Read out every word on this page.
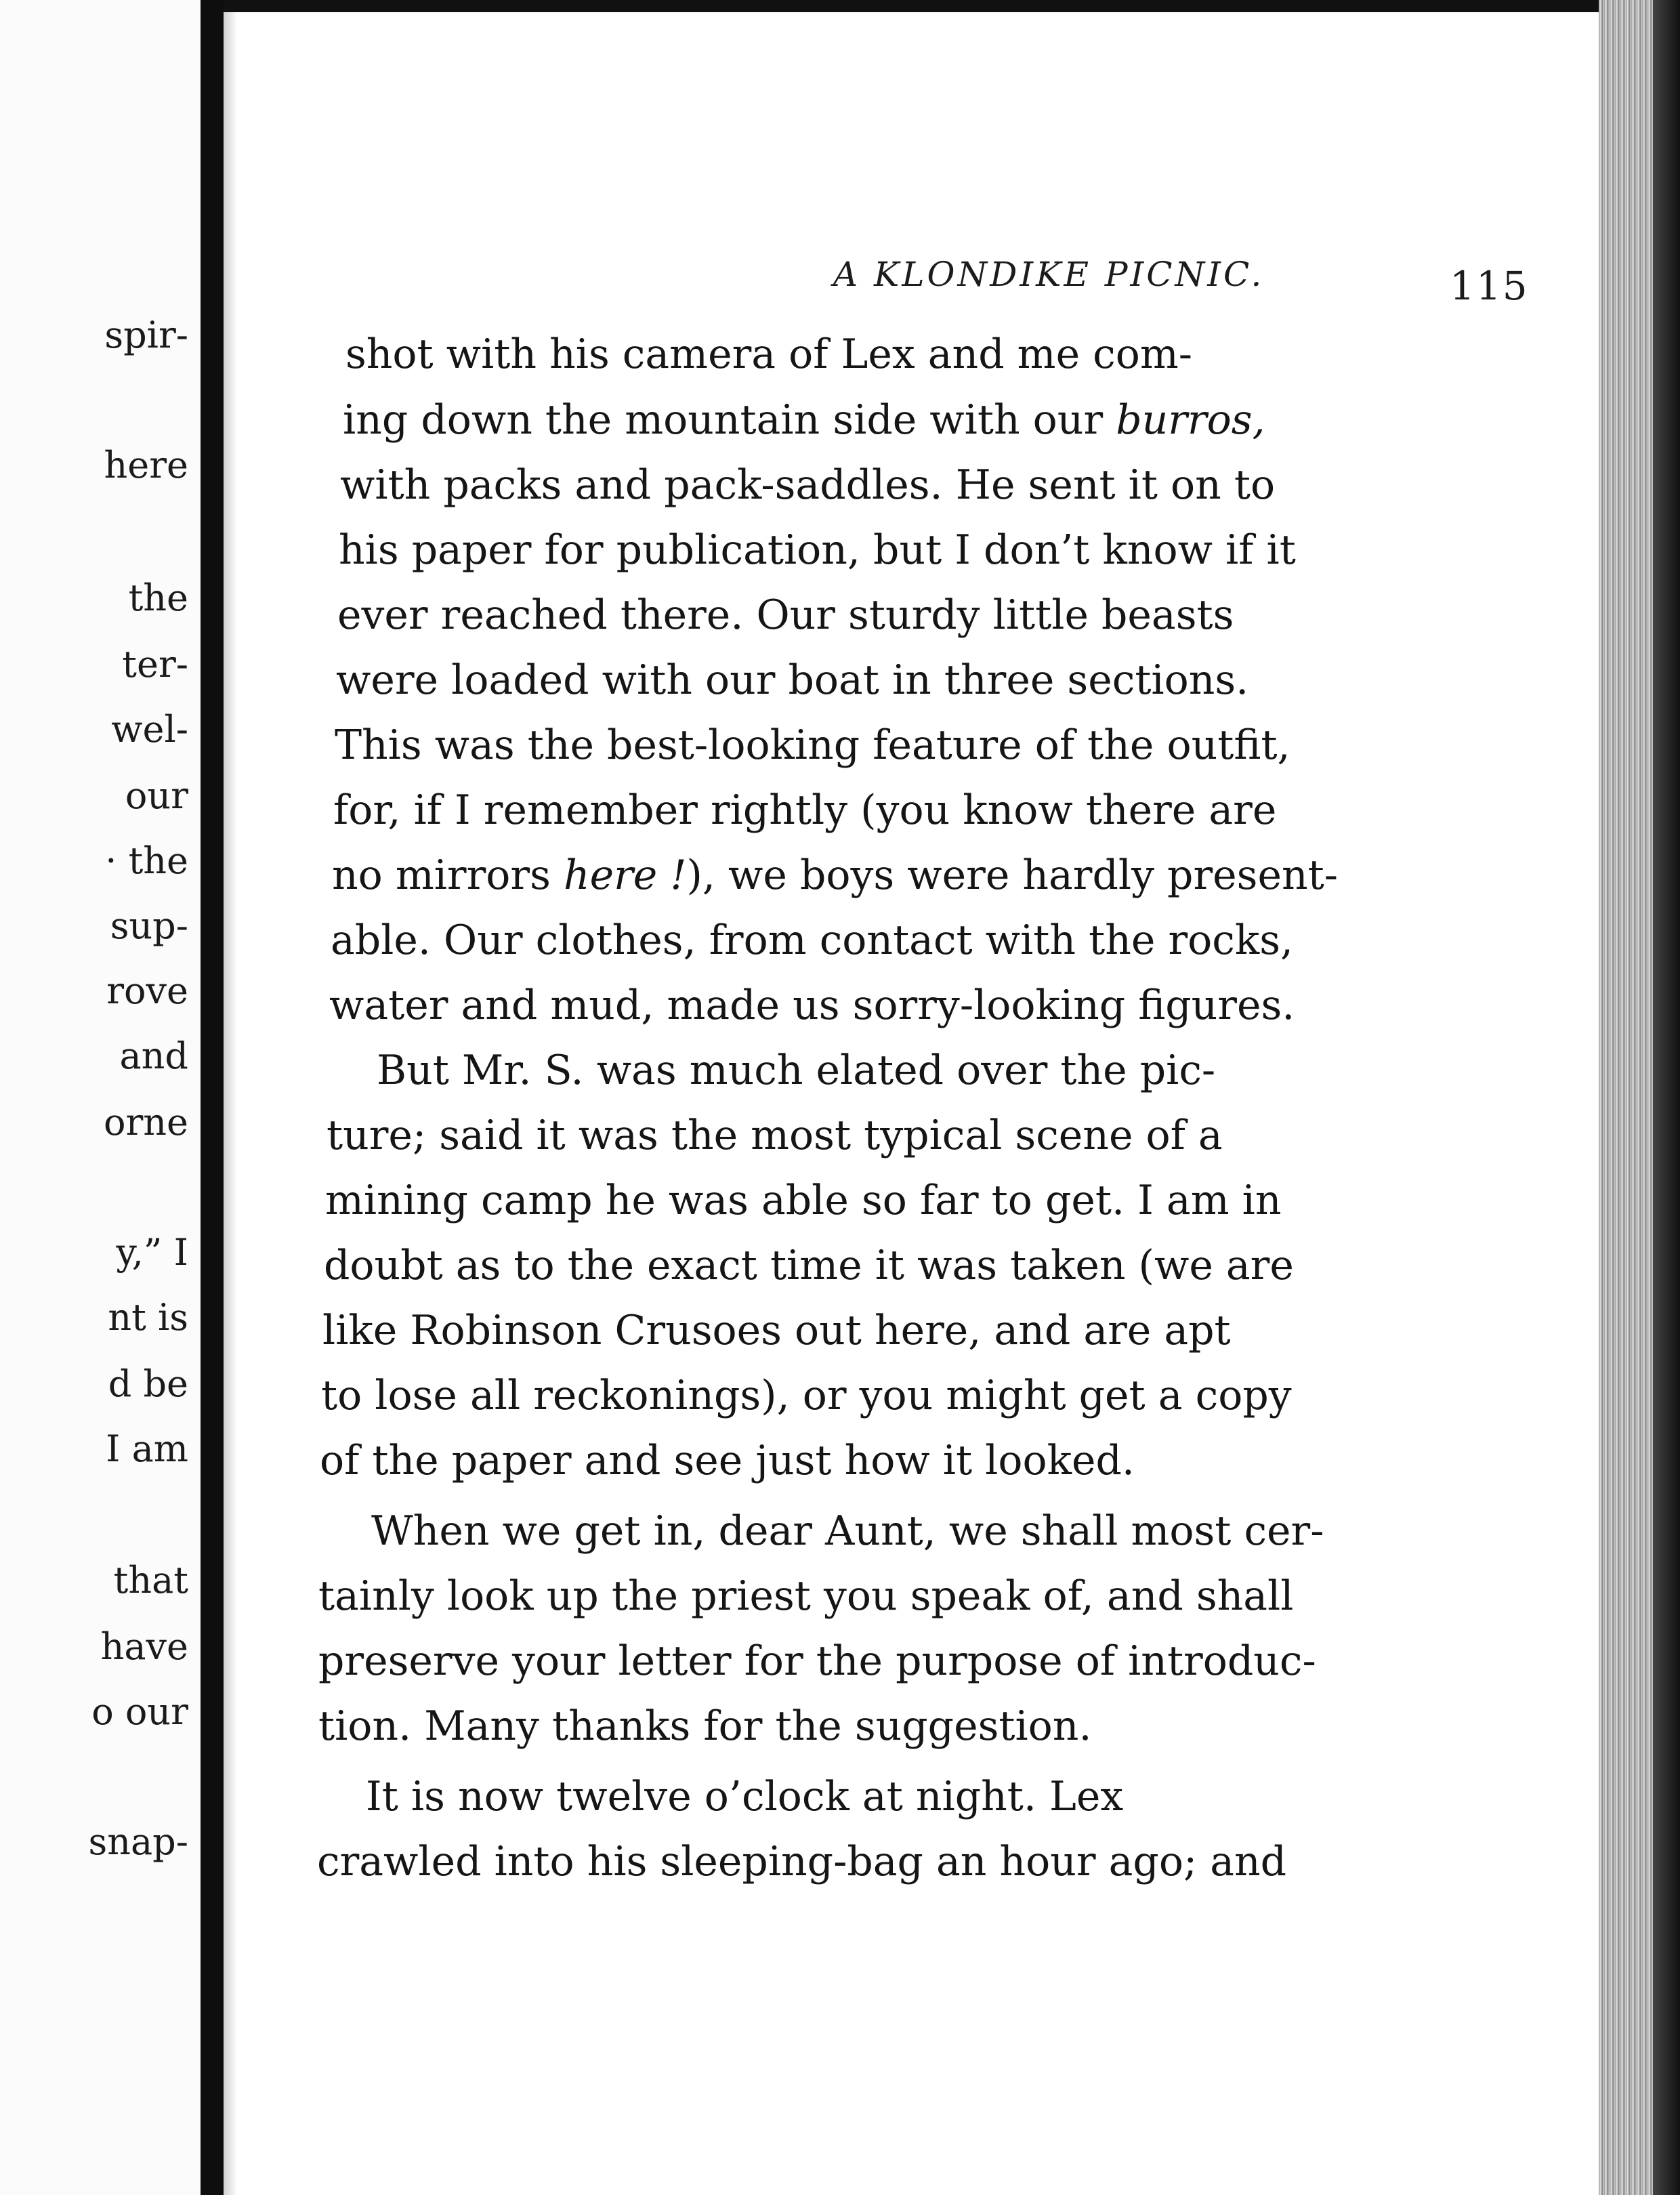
spir-
here
the
ter-
wel-
our
· the
sup-
rove
and
orne
y,” I
nt is
d be
I am
that
have
o our
snap-
A KLONDIKE PICNIC.	115
shot with his camera of Lex and me com-
ing down the mountain side with our burros,
with packs and pack-saddles. He sent it on to
his paper for publication, but I don’t know if it
ever reached there. Our sturdy little beasts
were loaded with our boat in three sections.
This was the best-looking feature of the outfit,
for, if I remember rightly (you know there are
no mirrors here !), we boys were hardly present-
able. Our clothes, from contact with the rocks,
water and mud, made us sorry-looking figures.
But Mr. S. was much elated over the pic-
ture; said it was the most typical scene of a
mining camp he was able so far to get. I am in
doubt as to the exact time it was taken (we are
like Robinson Crusoes out here, and are apt
to lose all reckonings), or you might get a copy
of the paper and see just how it looked.
When we get in, dear Aunt, we shall most cer-
tainly look up the priest you speak of, and shall
preserve your letter for the purpose of introduc-
tion. Many thanks for the suggestion.
It is now twelve o’clock at night. Lex
crawled into his sleeping-bag an hour ago; and
